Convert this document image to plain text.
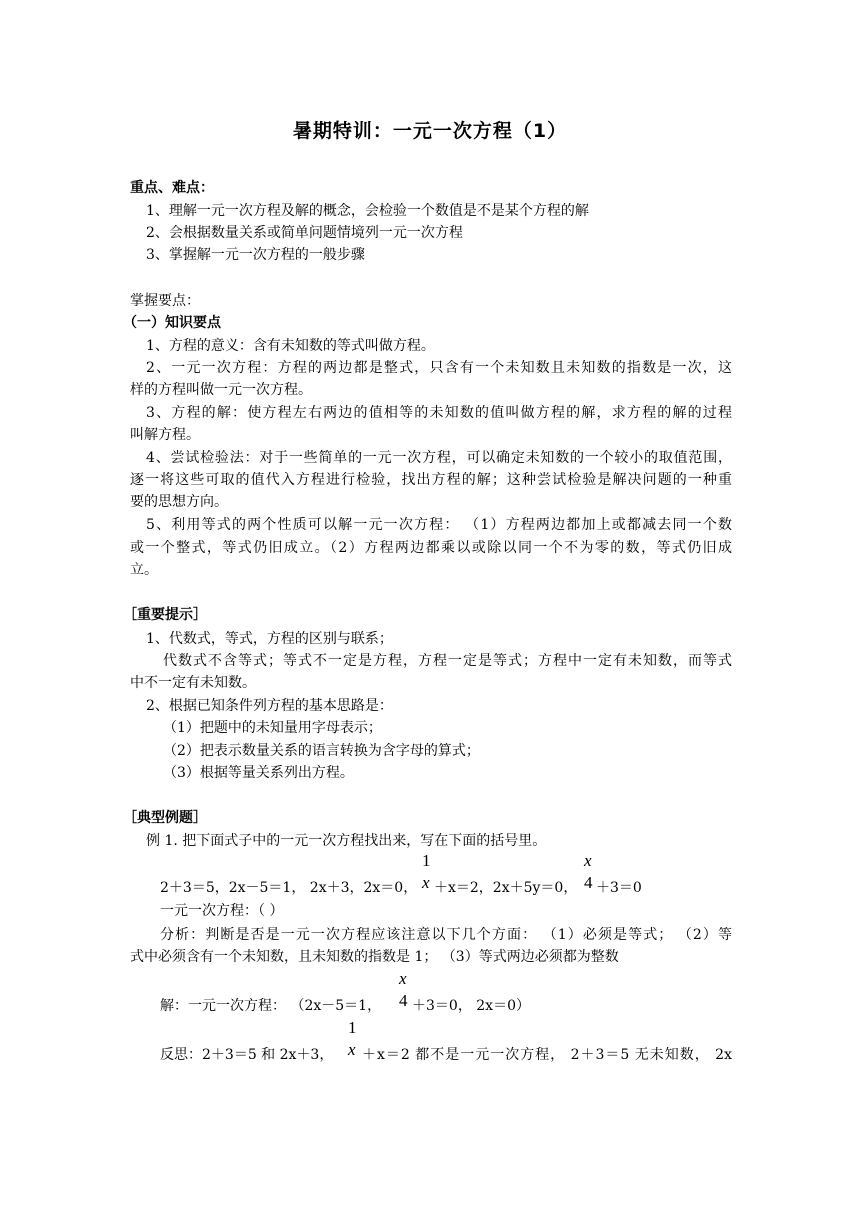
暑期特训：一元一次方程（1）
重点、难点：
1、理解一元一次方程及解的概念，会检验一个数值是不是某个方程的解
2、会根据数量关系或简单问题情境列一元一次方程
3、掌握解一元一次方程的一般步骤
掌握要点：
（一）知识要点
1、方程的意义：含有未知数的等式叫做方程。
2、一元一次方程：方程的两边都是整式，只含有一个未知数且未知数的指数是一次，这
样的方程叫做一元一次方程。
3、方程的解：使方程左右两边的值相等的未知数的值叫做方程的解，求方程的解的过程
叫解方程。
4、尝试检验法：对于一些简单的一元一次方程，可以确定未知数的一个较小的取值范围，
逐一将这些可取的值代入方程进行检验，找出方程的解；这种尝试检验是解决问题的一种重
要的思想方向。
5、利用等式的两个性质可以解一元一次方程： （1）方程两边都加上或都减去同一个数
或一个整式，等式仍旧成立。（2）方程两边都乘以或除以同一个不为零的数，等式仍旧成
立。
［重要提示］
1、代数式，等式，方程的区别与联系；
代数式不含等式；等式不一定是方程，方程一定是等式；方程中一定有未知数，而等式
中不一定有未知数。
2、根据已知条件列方程的基本思路是：
（1）把题中的未知量用字母表示；
（2）把表示数量关系的语言转换为含字母的算式；
（3）根据等量关系列出方程。
［典型例题］
例 1. 把下面式子中的一元一次方程找出来，写在下面的括号里。
1
x
x
4
2＋3＝5，2x－5＝1， 2x＋3，2x＝0， ＋x＝2，2x＋5y＝0， ＋3＝0
一元一次方程：（ ）
分析：判断是否是一元一次方程应该注意以下几个方面： （1）必须是等式； （2）等
式中必须含有一个未知数，且未知数的指数是 1； （3）等式两边必须都为整数
x
4
解：一元一次方程： （2x－5＝1， ＋3＝0， 2x＝0）
1
x
反思：2＋3＝5 和 2x＋3， ＋x＝2 都不是一元一次方程， 2＋3＝5 无未知数， 2x
